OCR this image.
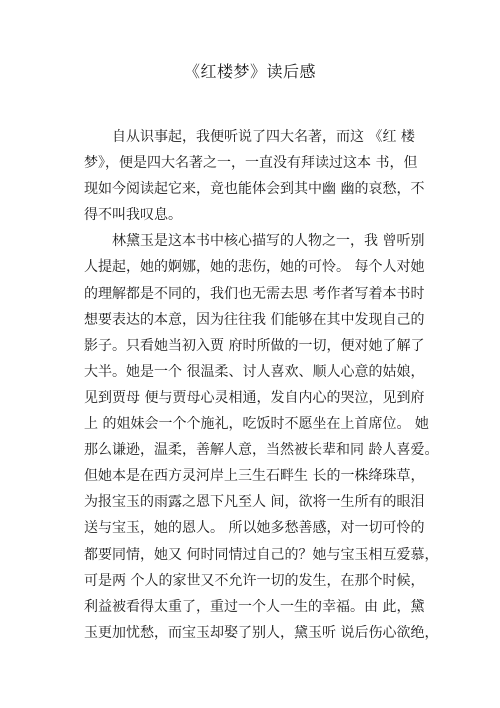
《红楼梦》读后感
自从识事起，我便听说了四大名著，而这 《红 楼
梦》，便是四大名著之一，一直没有拜读过这本 书，但
现如今阅读起它来，竟也能体会到其中幽 幽的哀愁，不
得不叫我叹息。
林黛玉是这本书中核心描写的人物之一，我 曾听别
人提起，她的婀娜，她的悲伤，她的可怜。 每个人对她
的理解都是不同的，我们也无需去思 考作者写着本书时
想要表达的本意，因为往往我 们能够在其中发现自己的
影子。只看她当初入贾 府时所做的一切，便对她了解了
大半。她是一个 很温柔、讨人喜欢、顺人心意的姑娘，
见到贾母 便与贾母心灵相通，发自内心的哭泣，见到府
上 的姐妹会一个个施礼，吃饭时不愿坐在上首席位。 她
那么谦逊，温柔，善解人意，当然被长辈和同 龄人喜爱。
但她本是在西方灵河岸上三生石畔生 长的一株绛珠草，
为报宝玉的雨露之恩下凡至人 间，欲将一生所有的眼泪
送与宝玉，她的恩人。 所以她多愁善感，对一切可怜的
都要同情，她又 何时同情过自己的？她与宝玉相互爱慕，
可是两 个人的家世又不允许一切的发生，在那个时候，
利益被看得太重了，重过一个人一生的幸福。由 此，黛
玉更加忧愁，而宝玉却娶了别人，黛玉听 说后伤心欲绝，
